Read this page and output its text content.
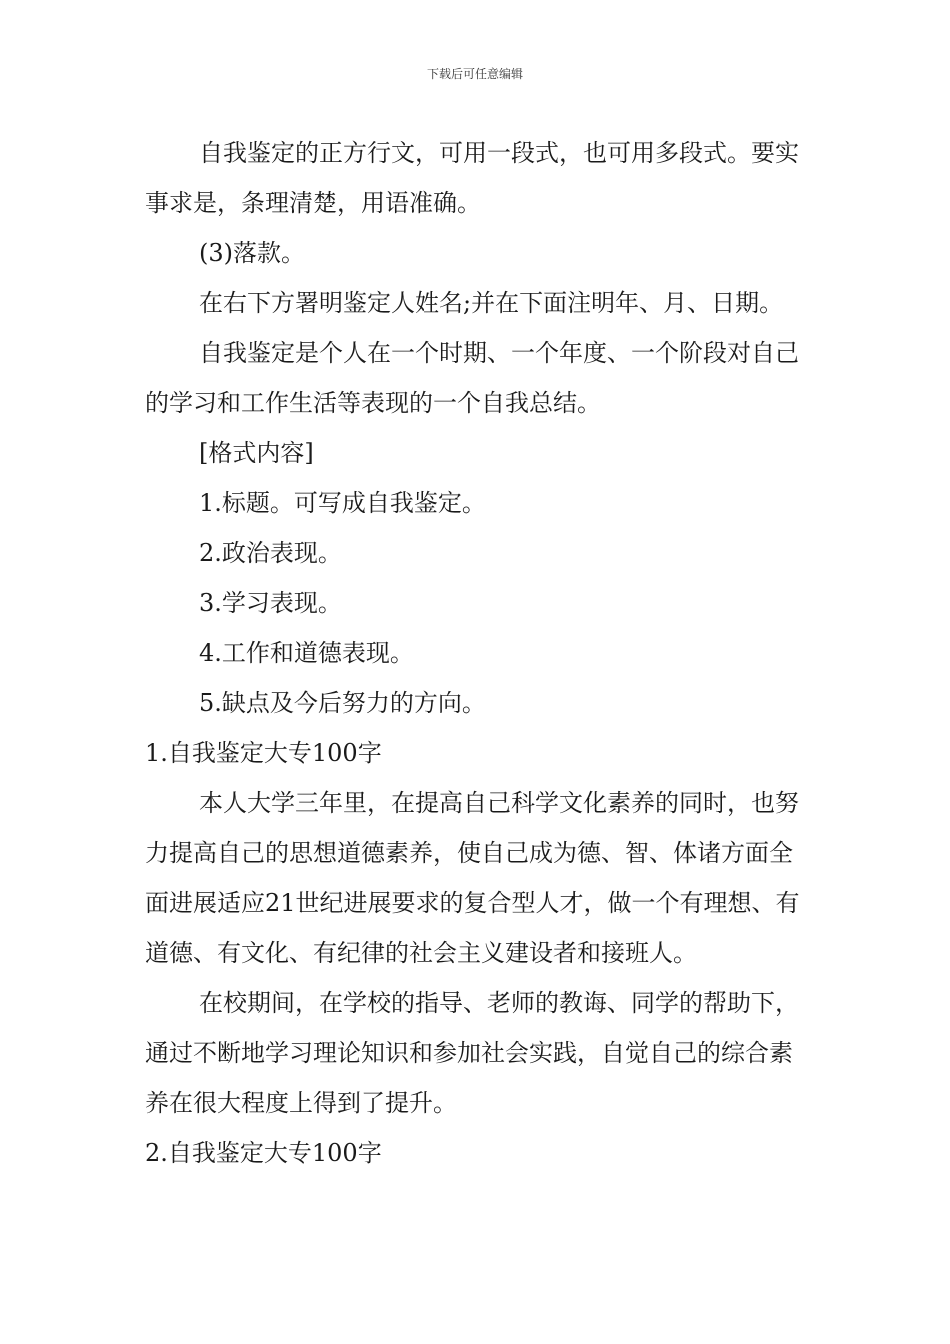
下载后可任意编辑

自我鉴定的正方行文，可用一段式，也可用多段式。要实事求是，条理清楚，用语准确。

(3)落款。

在右下方署明鉴定人姓名;并在下面注明年、月、日期。

自我鉴定是个人在一个时期、一个年度、一个阶段对自己的学习和工作生活等表现的一个自我总结。

[格式内容]

1.标题。可写成自我鉴定。

2.政治表现。

3.学习表现。

4.工作和道德表现。

5.缺点及今后努力的方向。

1.自我鉴定大专100字

本人大学三年里，在提高自己科学文化素养的同时，也努力提高自己的思想道德素养，使自己成为德、智、体诸方面全面进展适应21世纪进展要求的复合型人才，做一个有理想、有道德、有文化、有纪律的社会主义建设者和接班人。

在校期间，在学校的指导、老师的教诲、同学的帮助下，通过不断地学习理论知识和参加社会实践，自觉自己的综合素养在很大程度上得到了提升。

2.自我鉴定大专100字
